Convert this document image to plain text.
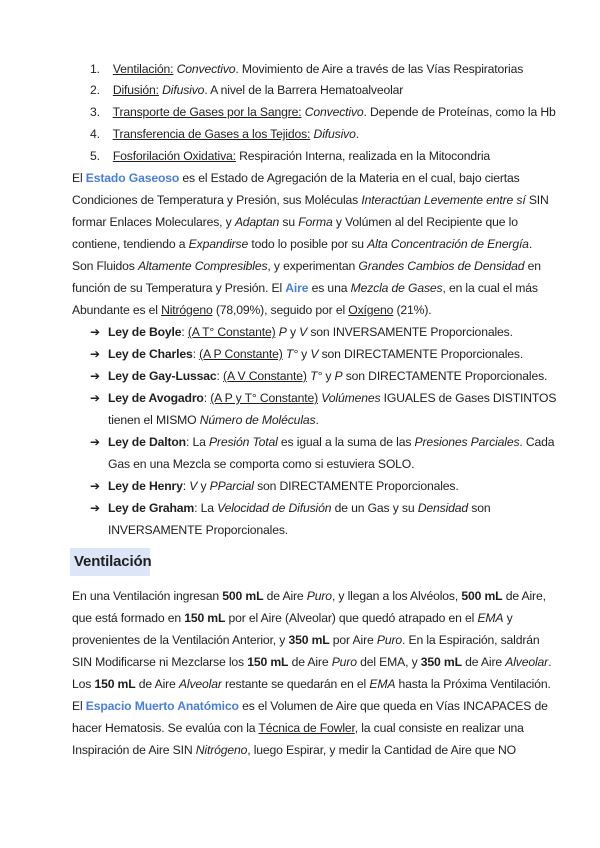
1. Ventilación: Convectivo. Movimiento de Aire a través de las Vías Respiratorias
2. Difusión: Difusivo. A nivel de la Barrera Hematoalveolar
3. Transporte de Gases por la Sangre: Convectivo. Depende de Proteínas, como la Hb
4. Transferencia de Gases a los Tejidos: Difusivo.
5. Fosforilación Oxidativa: Respiración Interna, realizada en la Mitocondria
El Estado Gaseoso es el Estado de Agregación de la Materia en el cual, bajo ciertas
Condiciones de Temperatura y Presión, sus Moléculas Interactúan Levemente entre sí SIN
formar Enlaces Moleculares, y Adaptan su Forma y Volúmen al del Recipiente que lo
contiene, tendiendo a Expandirse todo lo posible por su Alta Concentración de Energía.
Son Fluidos Altamente Compresibles, y experimentan Grandes Cambios de Densidad en
función de su Temperatura y Presión. El Aire es una Mezcla de Gases, en la cual el más
Abundante es el Nitrógeno (78,09%), seguido por el Oxígeno (21%).
➔ Ley de Boyle: (A T° Constante) P y V son INVERSAMENTE Proporcionales.
➔ Ley de Charles: (A P Constante) T° y V son DIRECTAMENTE Proporcionales.
➔ Ley de Gay-Lussac: (A V Constante) T° y P son DIRECTAMENTE Proporcionales.
➔ Ley de Avogadro: (A P y T° Constante) Volúmenes IGUALES de Gases DISTINTOS
tienen el MISMO Número de Moléculas.
➔ Ley de Dalton: La Presión Total es igual a la suma de las Presiones Parciales. Cada
Gas en una Mezcla se comporta como si estuviera SOLO.
➔ Ley de Henry: V y PParcial son DIRECTAMENTE Proporcionales.
➔ Ley de Graham: La Velocidad de Difusión de un Gas y su Densidad son
INVERSAMENTE Proporcionales.
Ventilación
En una Ventilación ingresan 500 mL de Aire Puro, y llegan a los Alvéolos, 500 mL de Aire,
que está formado en 150 mL por el Aire (Alveolar) que quedó atrapado en el EMA y
provenientes de la Ventilación Anterior, y 350 mL por Aire Puro. En la Espiración, saldrán
SIN Modificarse ni Mezclarse los 150 mL de Aire Puro del EMA, y 350 mL de Aire Alveolar.
Los 150 mL de Aire Alveolar restante se quedarán en el EMA hasta la Próxima Ventilación.
El Espacio Muerto Anatómico es el Volumen de Aire que queda en Vías INCAPACES de
hacer Hematosis. Se evalúa con la Técnica de Fowler, la cual consiste en realizar una
Inspiración de Aire SIN Nitrógeno, luego Espirar, y medir la Cantidad de Aire que NO
